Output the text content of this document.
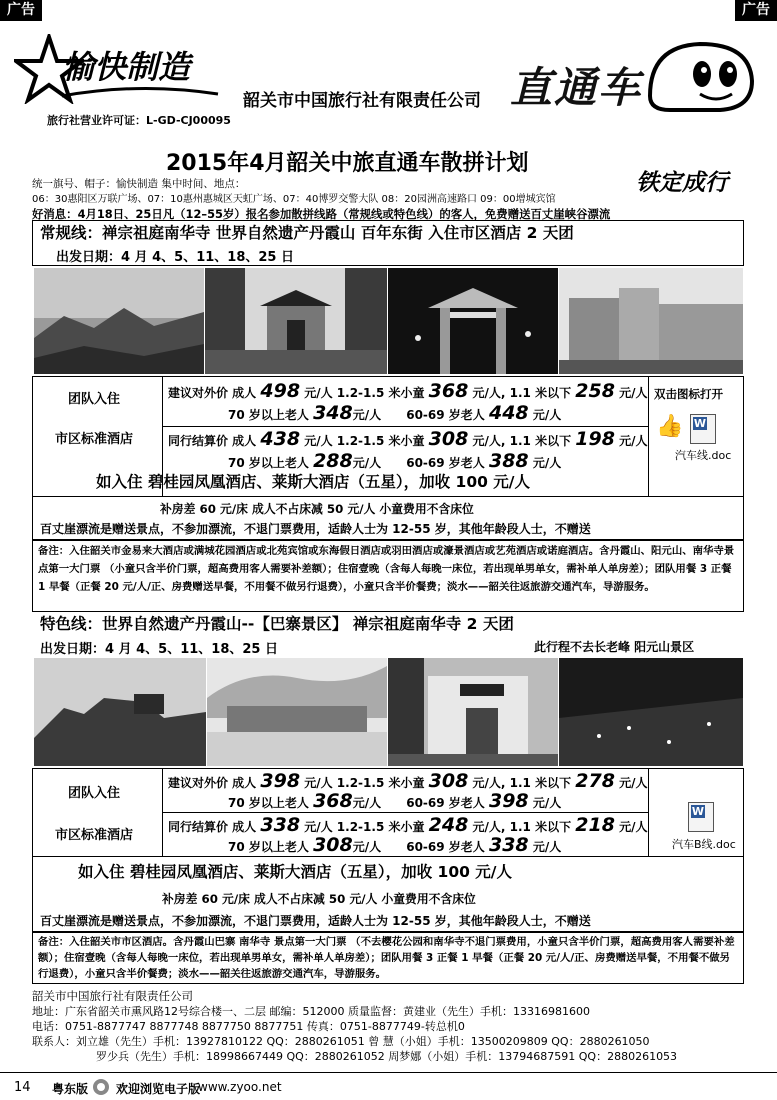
广告	广告
愉快制造
旅行社营业许可证：L-GD-CJ00095
韶关市中国旅行社有限责任公司 直通车
2015年4月韶关中旅直通车散拼计划
铁定成行
统一旗号、帽子：愉快制造 集中时间、地点：
06：30惠阳区万联广场、07：10惠州惠城区天虹广场、07：40博罗交警大队 08：20园洲高速路口 09：00增城宾馆
好消息：4月18日、25日凡（12–55岁）报名参加散拼线路（常规线或特色线）的客人，免费赠送百丈崖峡谷漂流
常规线：禅宗祖庭南华寺 世界自然遗产丹霞山 百年东街 入住市区酒店 2 天团
出发日期：4 月 4、5、11、18、25 日
团队入住
市区标准酒店
建议对外价 成人 498 元/人 1.2-1.5 米小童 368 元/人, 1.1 米以下 258 元/人
70 岁以上老人 348元/人 60-69 岁老人 448 元/人
同行结算价 成人 438 元/人 1.2-1.5 米小童 308 元/人, 1.1 米以下 198 元/人
70 岁以上老人 288元/人 60-69 岁老人 388 元/人
双击图标打开
👍 W
汽车线.doc
如入住 碧桂园凤凰酒店、莱斯大酒店（五星），加收 100 元/人
补房差 60 元/床 成人不占床减 50 元/人 小童费用不含床位
百丈崖漂流是赠送景点，不参加漂流，不退门票费用，适龄人士为 12-55 岁，其他年龄段人士，不赠送
备注：入住韶关市金易来大酒店或满城花园酒店或北苑宾馆或东海假日酒店或羽田酒店或濠景酒店或艺苑酒店或诺庭酒店。含丹霞山、阳元山、南华寺景点第一大门票 （小童只含半价门票，超高费用客人需要补差额）；住宿壹晚（含每人每晚一床位，若出现单男单女，需补单人单房差）；团队用餐 3 正餐 1 早餐（正餐 20 元/人/正、房费赠送早餐，不用餐不做另行退费），小童只含半价餐费；淡水——韶关往返旅游交通汽车，导游服务。
特色线：世界自然遗产丹霞山--【巴寨景区】 禅宗祖庭南华寺 2 天团
出发日期：4 月 4、5、11、18、25 日	此行程不去长老峰 阳元山景区
团队入住
市区标准酒店
建议对外价 成人 398 元/人 1.2-1.5 米小童 308 元/人, 1.1 米以下 278 元/人
70 岁以上老人 368元/人 60-69 岁老人 398 元/人
同行结算价 成人 338 元/人 1.2-1.5 米小童 248 元/人, 1.1 米以下 218 元/人
70 岁以上老人 308元/人 60-69 岁老人 338 元/人
W
汽车B线.doc
如入住 碧桂园凤凰酒店、莱斯大酒店（五星），加收 100 元/人
补房差 60 元/床 成人不占床减 50 元/人 小童费用不含床位
百丈崖漂流是赠送景点，不参加漂流，不退门票费用，适龄人士为 12-55 岁，其他年龄段人士，不赠送
备注：入住韶关市市区酒店。含丹霞山巴寨 南华寺 景点第一大门票 （不去樱花公园和南华寺不退门票费用，小童只含半价门票，超高费用客人需要补差额）；住宿壹晚（含每人每晚一床位，若出现单男单女，需补单人单房差）；团队用餐 3 正餐 1 早餐（正餐 20 元/人/正、房费赠送早餐，不用餐不做另行退费），小童只含半价餐费；淡水——韶关往返旅游交通汽车，导游服务。
韶关市中国旅行社有限责任公司
地址：广东省韶关市熏风路12号综合楼一、二层 邮编：512000 质量监督：黄建业（先生）手机：13316981600
电话：0751-8877747 8877748 8877750 8877751 传真：0751-8877749-转总机0
联系人：刘立雄（先生）手机：13927810122 QQ：2880261051 曾 慧（小姐）手机：13500209809 QQ：2880261050
罗少兵（先生）手机：18998667449 QQ：2880261052 周梦娜（小姐）手机：13794687591 QQ：2880261053
14 粤东版 欢迎浏览电子版
www.zyoo.net
